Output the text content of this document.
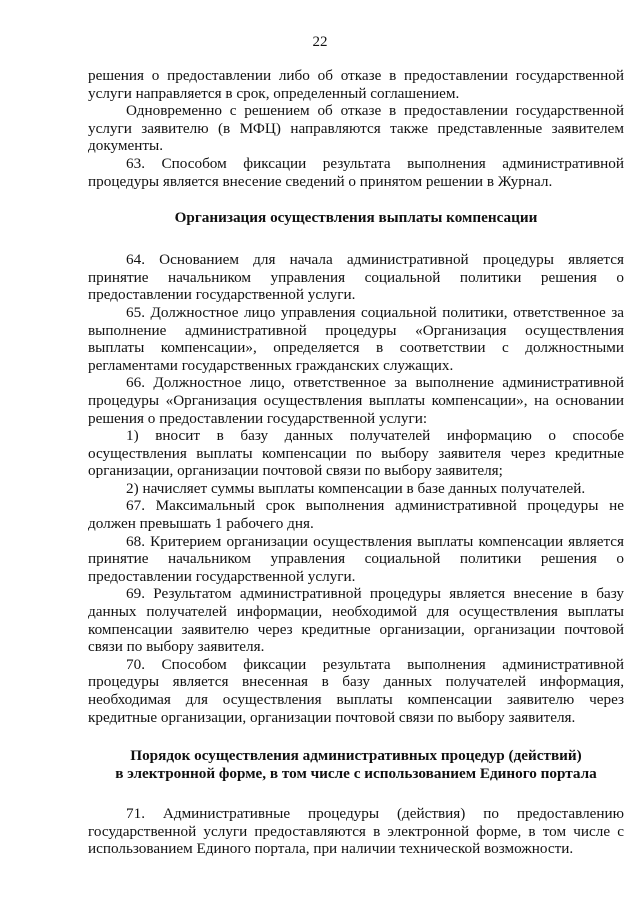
22

решения о предоставлении либо об отказе в предоставлении государственной услуги направляется в срок, определенный соглашением.

Одновременно с решением об отказе в предоставлении государственной услуги заявителю (в МФЦ) направляются также представленные заявителем документы.

63. Способом фиксации результата выполнения административной процедуры является внесение сведений о принятом решении в Журнал.

Организация осуществления выплаты компенсации

64. Основанием для начала административной процедуры является принятие начальником управления социальной политики решения о предоставлении государственной услуги.

65. Должностное лицо управления социальной политики, ответственное за выполнение административной процедуры «Организация осуществления выплаты компенсации», определяется в соответствии с должностными регламентами государственных гражданских служащих.

66. Должностное лицо, ответственное за выполнение административной процедуры «Организация осуществления выплаты компенсации», на основании решения о предоставлении государственной услуги:

1) вносит в базу данных получателей информацию о способе осуществления выплаты компенсации по выбору заявителя через кредитные организации, организации почтовой связи по выбору заявителя;

2) начисляет суммы выплаты компенсации в базе данных получателей.

67. Максимальный срок выполнения административной процедуры не должен превышать 1 рабочего дня.

68. Критерием организации осуществления выплаты компенсации является принятие начальником управления социальной политики решения о предоставлении государственной услуги.

69. Результатом административной процедуры является внесение в базу данных получателей информации, необходимой для осуществления выплаты компенсации заявителю через кредитные организации, организации почтовой связи по выбору заявителя.

70. Способом фиксации результата выполнения административной процедуры является внесенная в базу данных получателей информация, необходимая для осуществления выплаты компенсации заявителю через кредитные организации, организации почтовой связи по выбору заявителя.

Порядок осуществления административных процедур (действий)
в электронной форме, в том числе с использованием Единого портала

71. Административные процедуры (действия) по предоставлению государственной услуги предоставляются в электронной форме, в том числе с использованием Единого портала, при наличии технической возможности.
